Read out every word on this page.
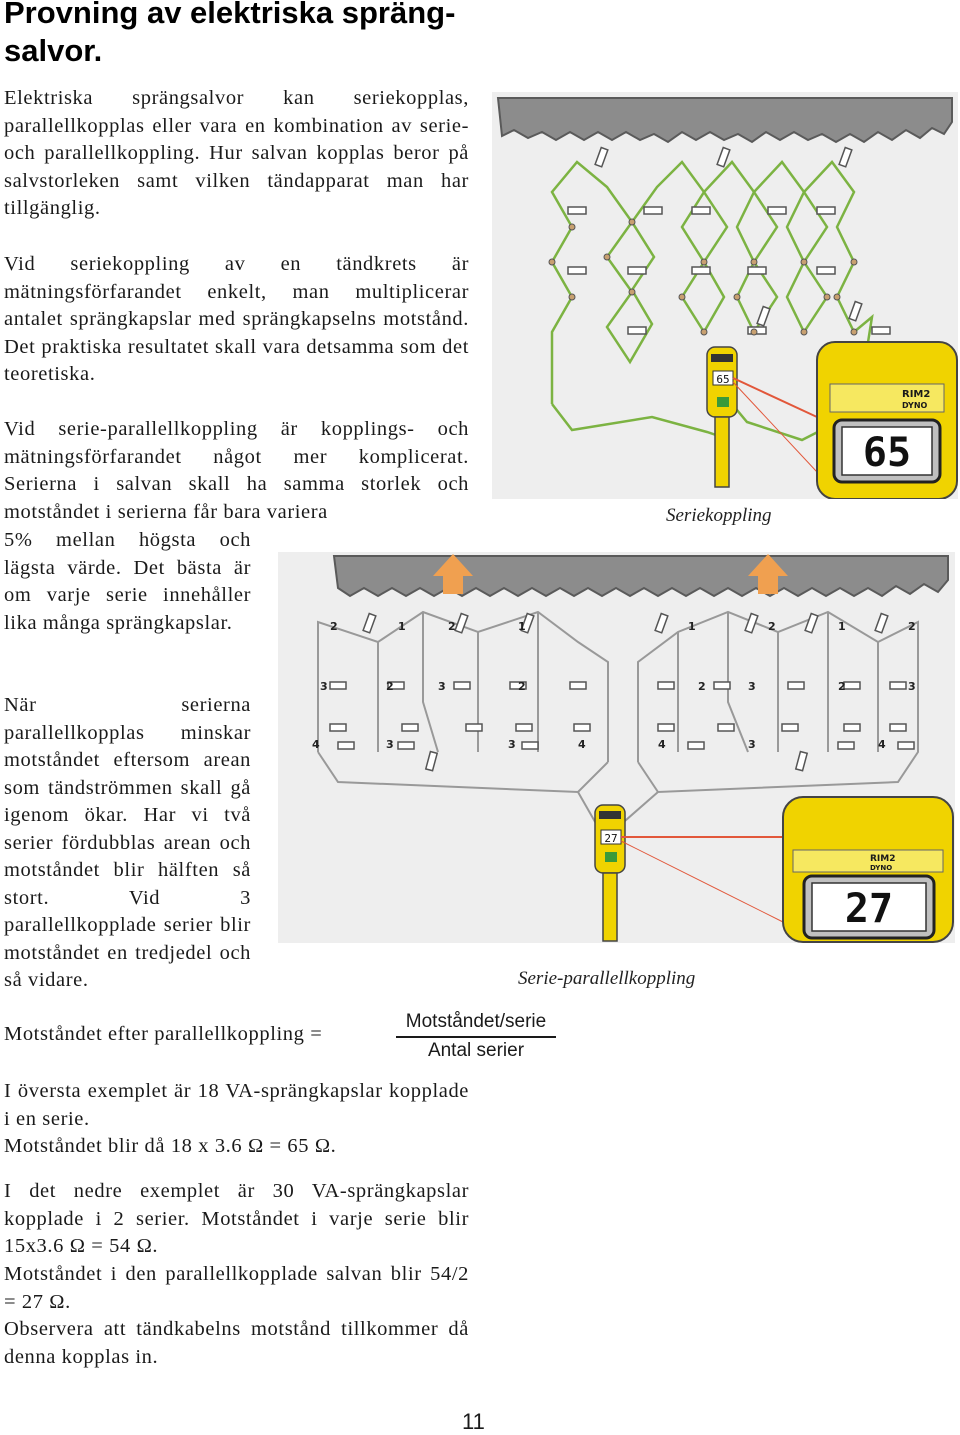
Provning av elektriska spräng-salvor.

Elektriska sprängsalvor kan seriekopplas, parallellkopplas eller vara en kombination av serie- och parallellkoppling. Hur salvan kopplas beror på salvstorleken samt vilken tändapparat man har tillgänglig.

Vid seriekoppling av en tändkrets är mätningsförfarandet enkelt, man multiplicerar antalet sprängkapslar med sprängkapselns motstånd. Det praktiska resultatet skall vara detsamma som det teoretiska.

Vid serie-parallellkoppling är kopplings- och mätningsförfarandet något mer komplicerat. Serierna i salvan skall ha samma storlek och motståndet i serierna får bara variera

5% mellan högsta och lägsta värde. Det bästa är om varje serie innehåller lika många sprängkapslar.

När serierna parallellkopplas minskar motståndet eftersom arean som tändströmmen skall gå igenom ökar. Har vi två serier fördubblas arean och motståndet blir hälften så stort. Vid 3 parallellkopplade serier blir motståndet en tredjedel och så vidare.

Motståndet efter parallellkoppling =
Motståndet/serie
Antal serier

I översta exemplet är 18 VA-sprängkapslar kopplade i en serie.

Motståndet blir då 18 x 3.6 Ω = 65 Ω.

I det nedre exemplet är 30 VA-sprängkapslar kopplade i 2 serier. Motståndet i varje serie blir 15x3.6 Ω = 54 Ω.

Motståndet i den parallellkopplade salvan blir 54/2 = 27 Ω.

Observera att tändkabelns motstånd tillkommer då denna kopplas in.

65
RIM2
DYNO
65
Seriekoppling
2	1	2	1	1	2	1	2
3	2	3	2	2	3	2	3
4	3	3	4	4	3	4
27
RIM2
DYNO
27
Serie-parallellkoppling
11
